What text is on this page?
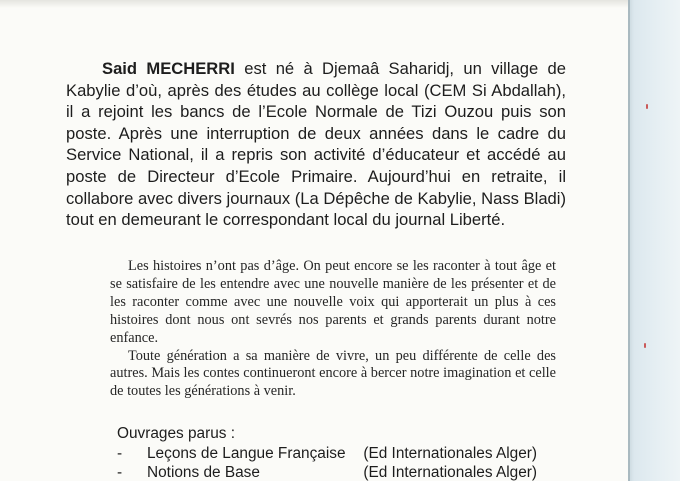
Said MECHERRI est né à Djemaâ Saharidj, un village de Kabylie d’où, après des études au collège local (CEM Si Abdallah), il a rejoint les bancs de l’Ecole Normale de Tizi Ouzou puis son poste. Après une interruption de deux années dans le cadre du Service National, il a repris son activité d’éducateur et accédé au poste de Directeur d’Ecole Primaire. Aujourd’hui en retraite, il collabore avec divers journaux (La Dépêche de Kabylie, Nass Bladi) tout en demeurant le correspondant local du journal Liberté.

Les histoires n’ont pas d’âge. On peut encore se les raconter à tout âge et se satisfaire de les entendre avec une nouvelle manière de les présenter et de les raconter comme avec une nouvelle voix qui apporterait un plus à ces histoires dont nous ont sevrés nos parents et grands parents durant notre enfance.

Toute génération a sa manière de vivre, un peu différente de celle des autres. Mais les contes continueront encore à bercer notre imagination et celle de toutes les générations à venir.

Ouvrages parus :
- Leçons de Langue Française (Ed Internationales Alger)
- Notions de Base	(Ed Internationales Alger)
